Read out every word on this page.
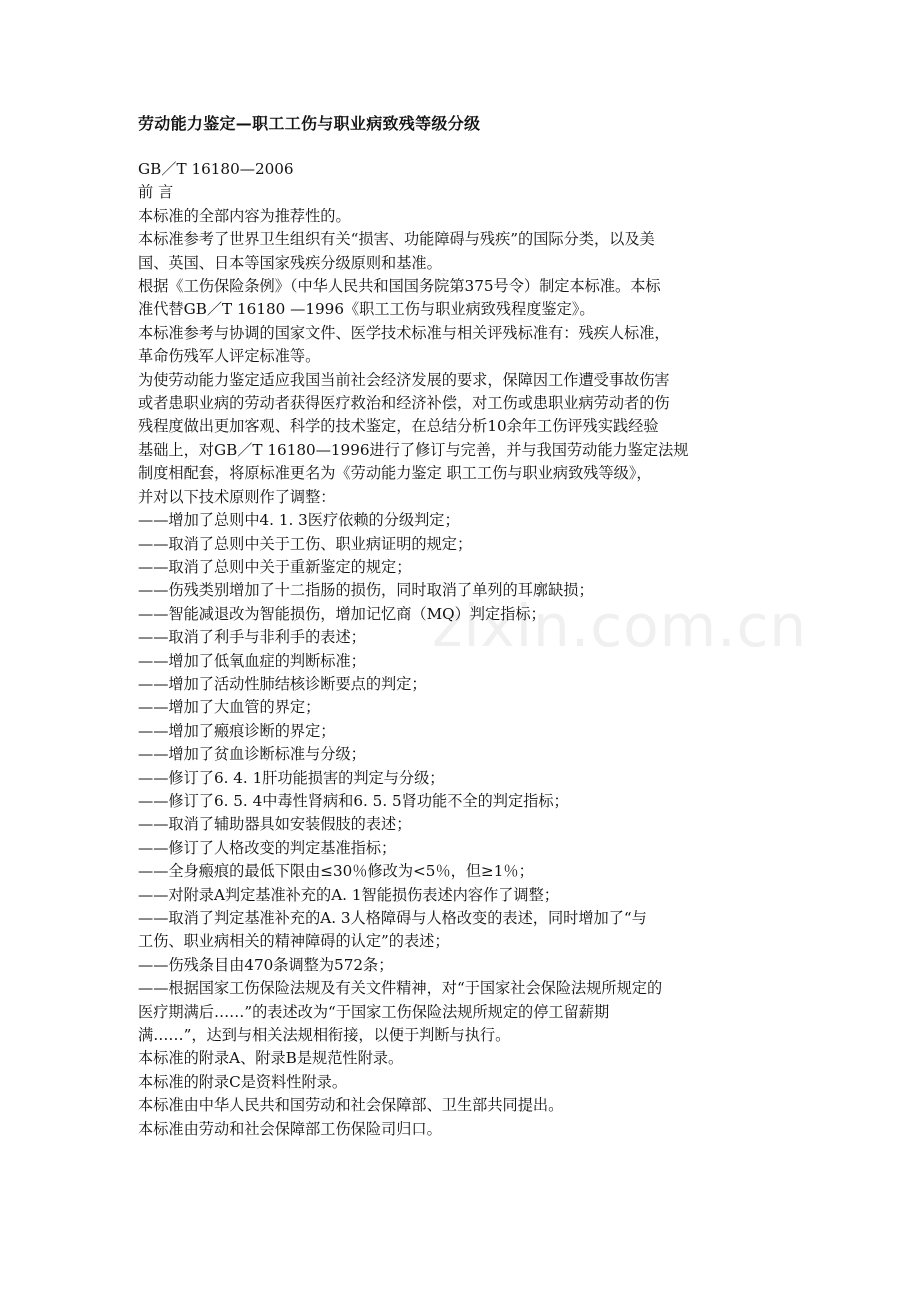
zixin.com.cn
劳动能力鉴定—职工工伤与职业病致残等级分级
GB／T 16180—2006
前 言
本标准的全部内容为推荐性的。
本标准参考了世界卫生组织有关“损害、功能障碍与残疾”的国际分类，以及美
国、英国、日本等国家残疾分级原则和基准。
根据《工伤保险条例》（中华人民共和国国务院第375号令）制定本标准。本标
准代替GB／T 16180 —1996《职工工伤与职业病致残程度鉴定》。
本标准参考与协调的国家文件、医学技术标准与相关评残标准有：残疾人标准，
革命伤残军人评定标准等。
为使劳动能力鉴定适应我国当前社会经济发展的要求，保障因工作遭受事故伤害
或者患职业病的劳动者获得医疗救治和经济补偿，对工伤或患职业病劳动者的伤
残程度做出更加客观、科学的技术鉴定，在总结分析10余年工伤评残实践经验
基础上，对GB／T 16180—1996进行了修订与完善，并与我国劳动能力鉴定法规
制度相配套，将原标准更名为《劳动能力鉴定 职工工伤与职业病致残等级》，
并对以下技术原则作了调整：
——增加了总则中4. 1. 3医疗依赖的分级判定；
——取消了总则中关于工伤、职业病证明的规定；
——取消了总则中关于重新鉴定的规定；
——伤残类别增加了十二指肠的损伤，同时取消了单列的耳廓缺损；
——智能减退改为智能损伤，增加记忆商（MQ）判定指标；
——取消了利手与非利手的表述；
——增加了低氧血症的判断标准；
——增加了活动性肺结核诊断要点的判定；
——增加了大血管的界定；
——增加了瘢痕诊断的界定；
——增加了贫血诊断标准与分级；
——修订了6. 4. 1肝功能损害的判定与分级；
——修订了6. 5. 4中毒性肾病和6. 5. 5肾功能不全的判定指标；
——取消了辅助器具如安装假肢的表述；
——修订了人格改变的判定基准指标；
——全身瘢痕的最低下限由≤30％修改为<5％，但≥1％；
——对附录A判定基准补充的A. 1智能损伤表述内容作了调整；
——取消了判定基准补充的A. 3人格障碍与人格改变的表述，同时增加了“与
工伤、职业病相关的精神障碍的认定”的表述；
——伤残条目由470条调整为572条；
——根据国家工伤保险法规及有关文件精神，对“于国家社会保险法规所规定的
医疗期满后……”的表述改为“于国家工伤保险法规所规定的停工留薪期
满……”，达到与相关法规相衔接，以便于判断与执行。
本标准的附录A、附录B是规范性附录。
本标准的附录C是资料性附录。
本标准由中华人民共和国劳动和社会保障部、卫生部共同提出。
本标准由劳动和社会保障部工伤保险司归口。
